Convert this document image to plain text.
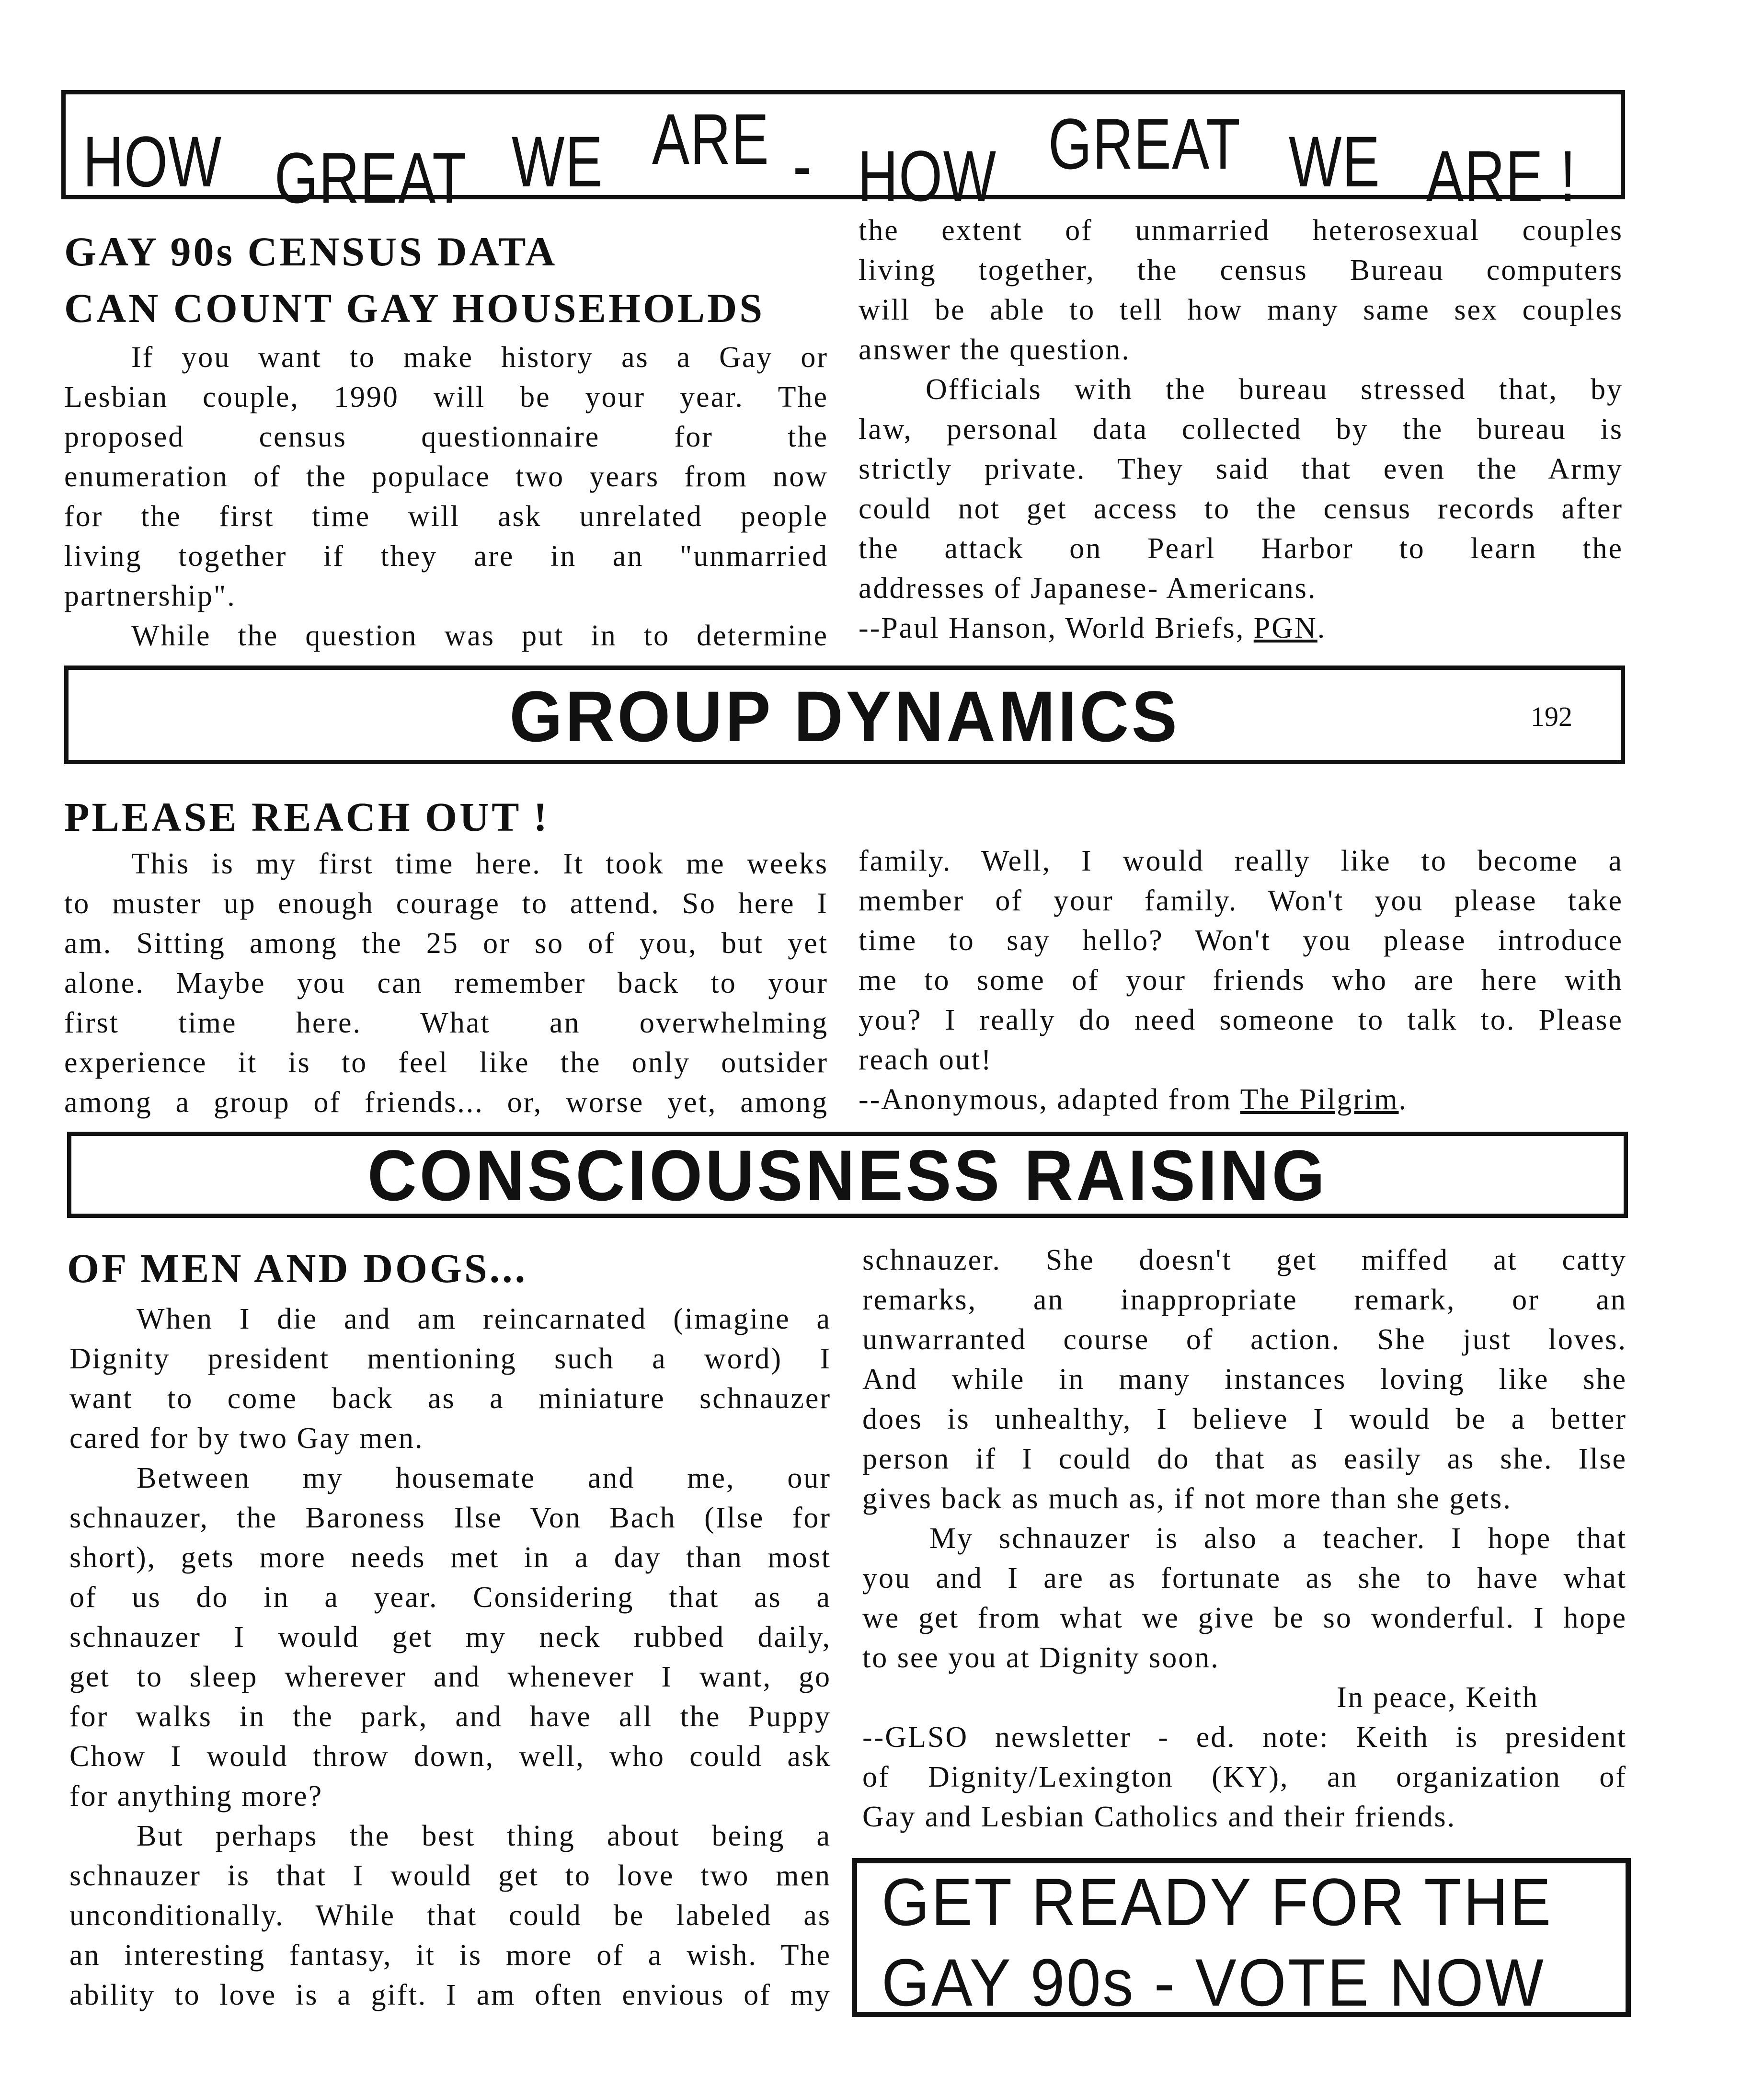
HOW GREAT WE ARE - HOW GREAT WE ARE !
GAY 90s CENSUS DATA
CAN COUNT GAY HOUSEHOLDS
If you want to make history as a Gay or
Lesbian couple, 1990 will be your year. The
proposed census questionnaire for the
enumeration of the populace two years from now
for the first time will ask unrelated people
living together if they are in an "unmarried
partnership".
While the question was put in to determine
the extent of unmarried heterosexual couples
living together, the census Bureau computers
will be able to tell how many same sex couples
answer the question.
Officials with the bureau stressed that, by
law, personal data collected by the bureau is
strictly private. They said that even the Army
could not get access to the census records after
the attack on Pearl Harbor to learn the
addresses of Japanese- Americans.
--Paul Hanson, World Briefs, PGN.
GROUP DYNAMICS	192
PLEASE REACH OUT !
This is my first time here. It took me weeks
to muster up enough courage to attend. So here I
am. Sitting among the 25 or so of you, but yet
alone. Maybe you can remember back to your
first time here. What an overwhelming
experience it is to feel like the only outsider
among a group of friends... or, worse yet, among
family. Well, I would really like to become a
member of your family. Won't you please take
time to say hello? Won't you please introduce
me to some of your friends who are here with
you? I really do need someone to talk to. Please
reach out!
--Anonymous, adapted from The Pilgrim.
CONSCIOUSNESS RAISING
OF MEN AND DOGS...
When I die and am reincarnated (imagine a
Dignity president mentioning such a word) I
want to come back as a miniature schnauzer
cared for by two Gay men.
Between my housemate and me, our
schnauzer, the Baroness Ilse Von Bach (Ilse for
short), gets more needs met in a day than most
of us do in a year. Considering that as a
schnauzer I would get my neck rubbed daily,
get to sleep wherever and whenever I want, go
for walks in the park, and have all the Puppy
Chow I would throw down, well, who could ask
for anything more?
But perhaps the best thing about being a
schnauzer is that I would get to love two men
unconditionally. While that could be labeled as
an interesting fantasy, it is more of a wish. The
ability to love is a gift. I am often envious of my
schnauzer. She doesn't get miffed at catty
remarks, an inappropriate remark, or an
unwarranted course of action. She just loves.
And while in many instances loving like she
does is unhealthy, I believe I would be a better
person if I could do that as easily as she. Ilse
gives back as much as, if not more than she gets.
My schnauzer is also a teacher. I hope that
you and I are as fortunate as she to have what
we get from what we give be so wonderful. I hope
to see you at Dignity soon.
In peace, Keith
--GLSO newsletter - ed. note: Keith is president
of Dignity/Lexington (KY), an organization of
Gay and Lesbian Catholics and their friends.
GET READY FOR THE
GAY 90s - VOTE NOW
